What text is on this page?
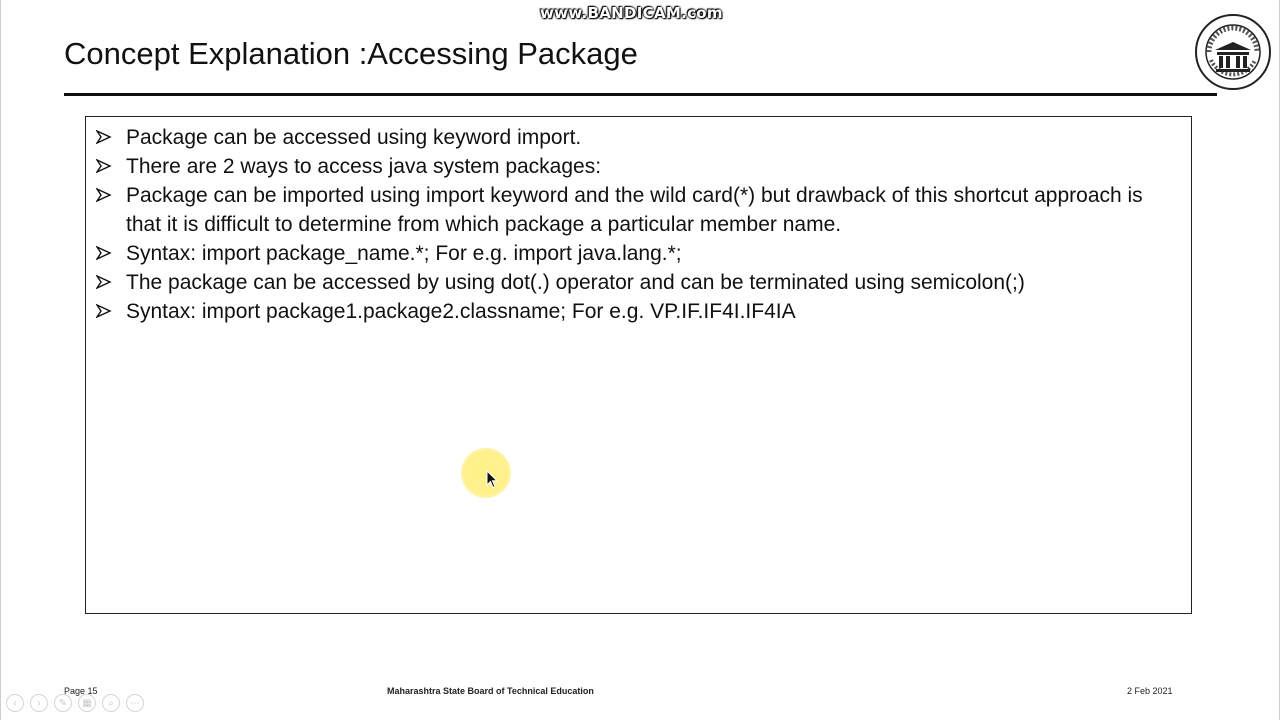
www.BANDICAM.com
Concept Explanation :Accessing Package
Package can be accessed using keyword import.
There are 2 ways to access java system packages:
Package can be imported using import keyword and the wild card(*) but drawback of this shortcut approach is that it is difficult to determine from which package a particular member name.
Syntax: import package_name.*; For e.g. import java.lang.*;
The package can be accessed by using dot(.) operator and can be terminated using semicolon(;)
Syntax: import package1.package2.classname; For e.g. VP.IF.IF4I.IF4IA
Page 15	Maharashtra State Board of Technical Education	2 Feb 2021
‹	›	✎	▦	⌕	⋯
